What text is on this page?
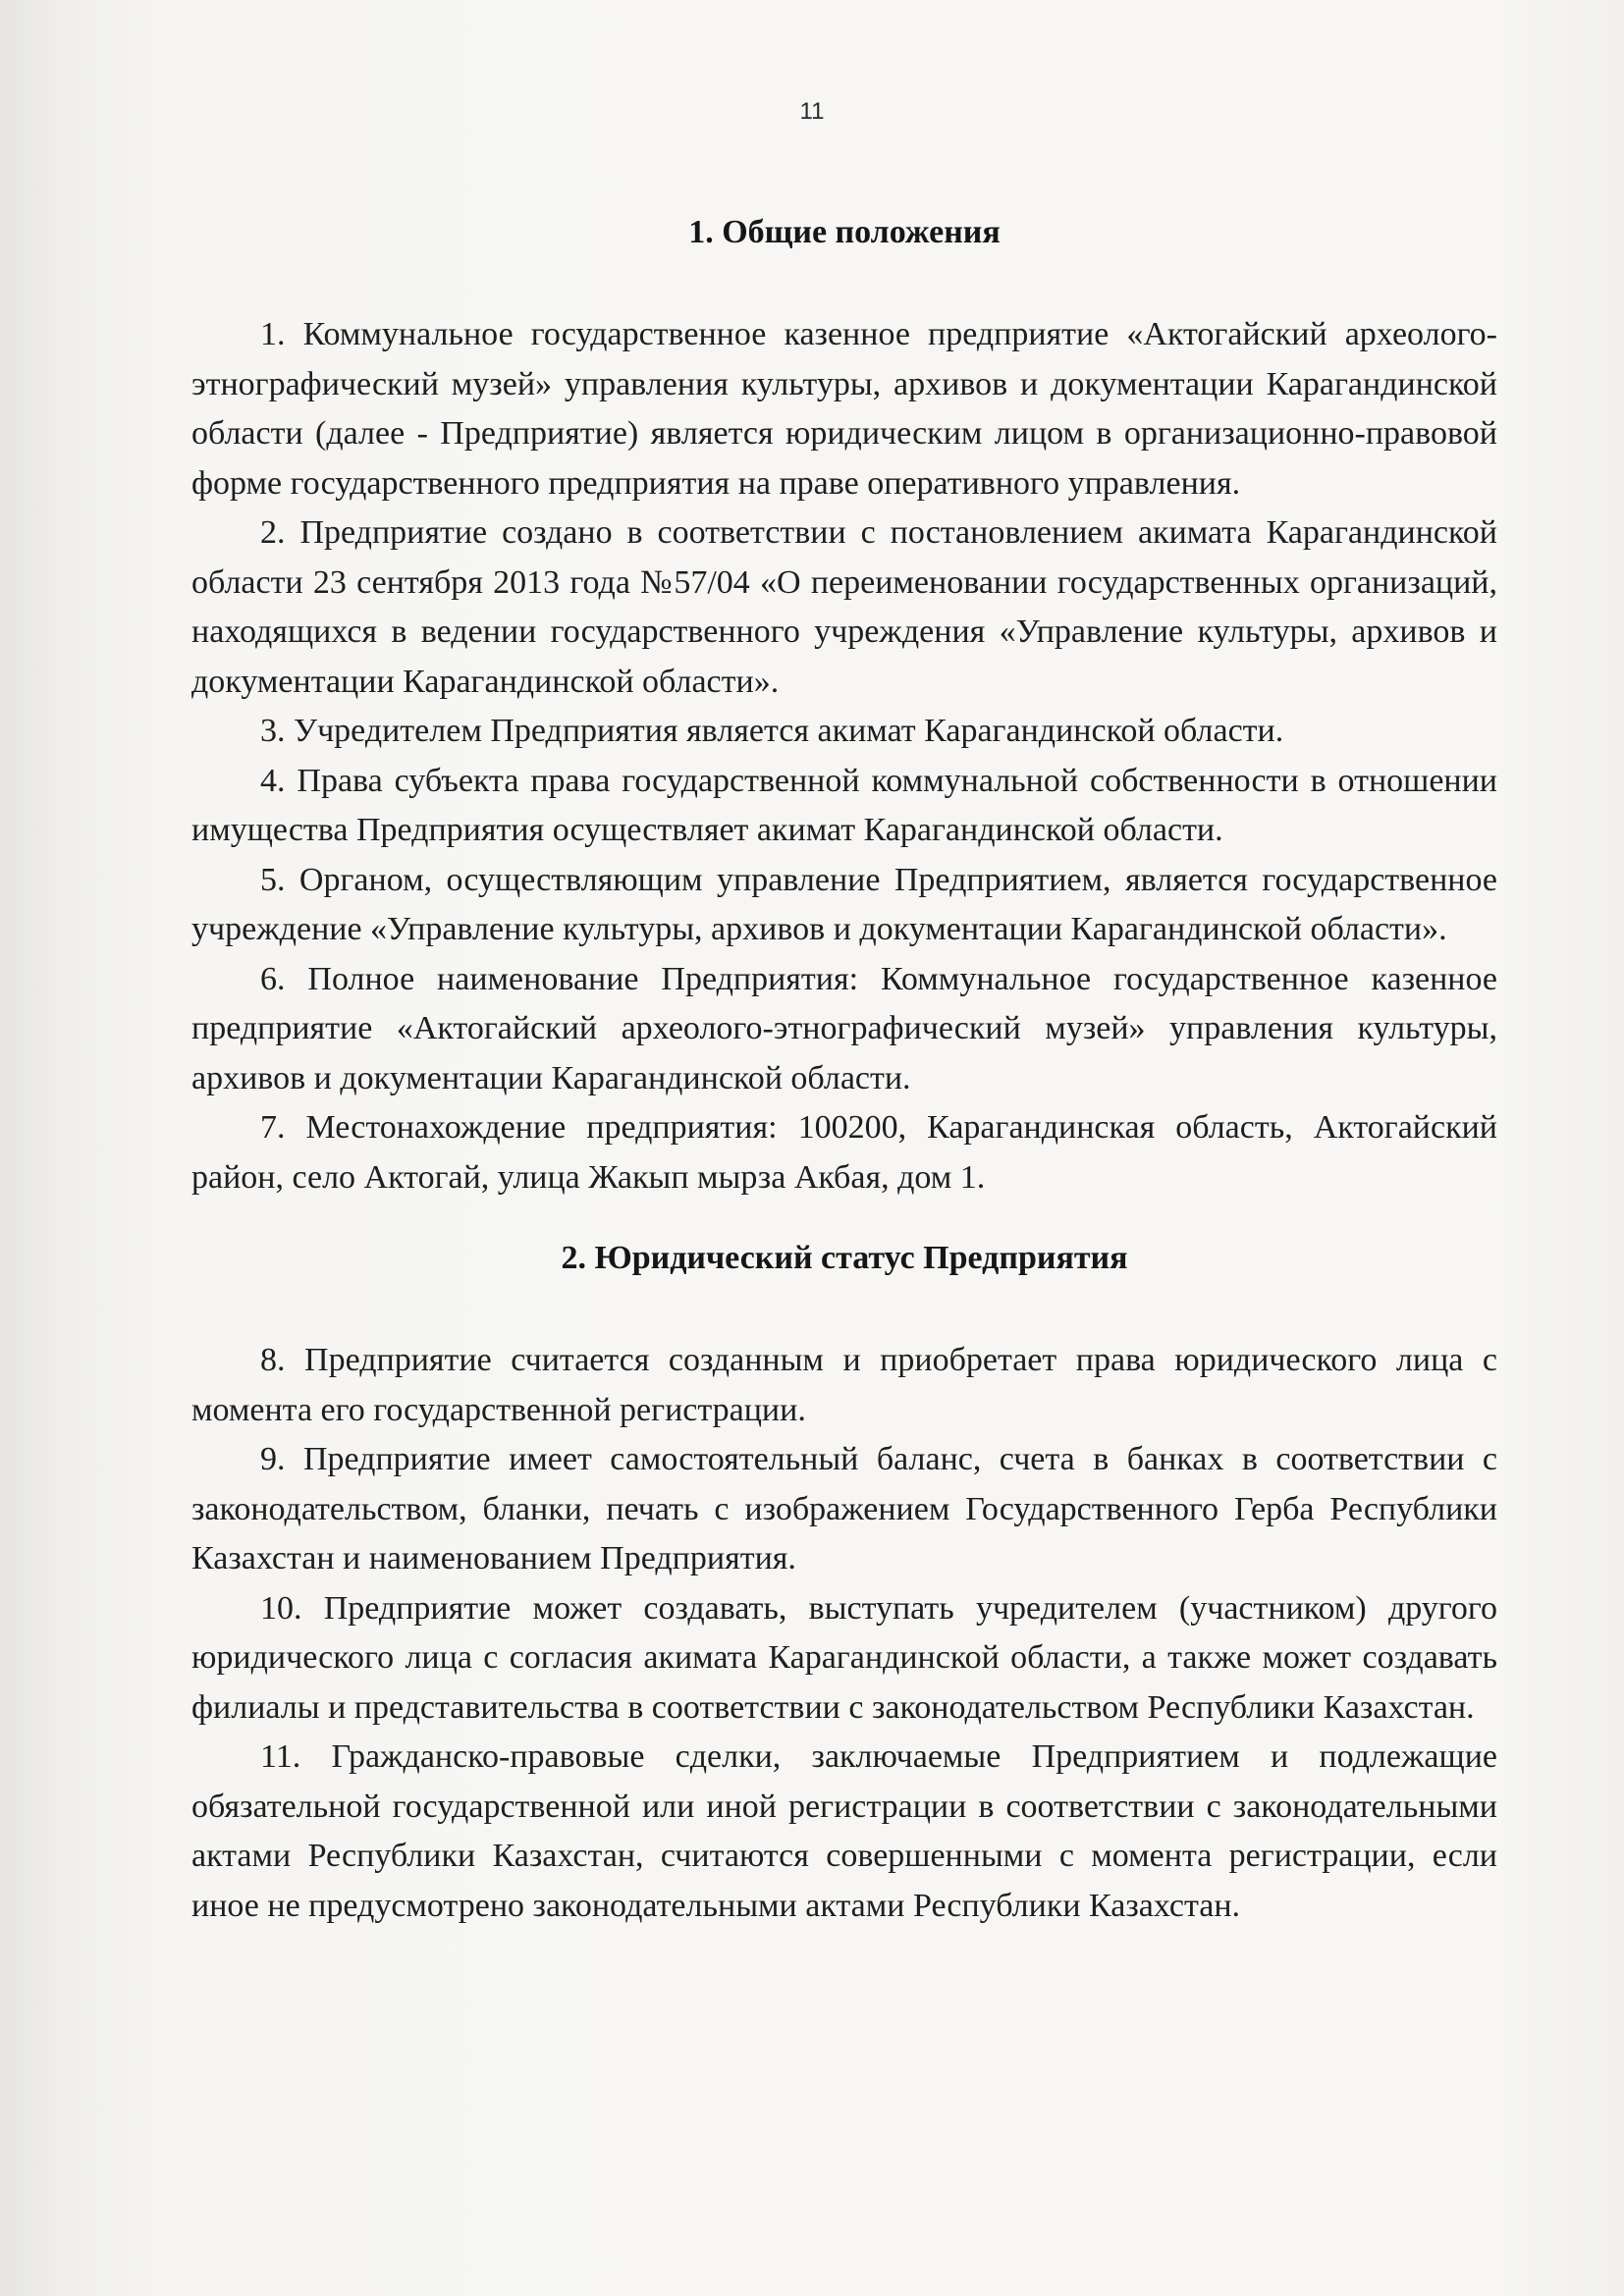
11
1. Общие положения

1. Коммунальное государственное казенное предприятие «Актогайский археолого-этнографический музей» управления культуры, архивов и документации Карагандинской области (далее - Предприятие) является юридическим лицом в организационно-правовой форме государственного предприятия на праве оперативного управления.

2. Предприятие создано в соответствии с постановлением акимата Карагандинской области 23 сентября 2013 года №57/04 «О переименовании государственных организаций, находящихся в ведении государственного учреждения «Управление культуры, архивов и документации Карагандинской области».

3. Учредителем Предприятия является акимат Карагандинской области.

4. Права субъекта права государственной коммунальной собственности в отношении имущества Предприятия осуществляет акимат Карагандинской области.

5. Органом, осуществляющим управление Предприятием, является государственное учреждение «Управление культуры, архивов и документации Карагандинской области».

6. Полное наименование Предприятия: Коммунальное государственное казенное предприятие «Актогайский археолого-этнографический музей» управления культуры, архивов и документации Карагандинской области.

7. Местонахождение предприятия: 100200, Карагандинская область, Актогайский район, село Актогай, улица Жакып мырза Акбая, дом 1.

2. Юридический статус Предприятия

8. Предприятие считается созданным и приобретает права юридического лица с момента его государственной регистрации.

9. Предприятие имеет самостоятельный баланс, счета в банках в соответствии с законодательством, бланки, печать с изображением Государственного Герба Республики Казахстан и наименованием Предприятия.

10. Предприятие может создавать, выступать учредителем (участником) другого юридического лица с согласия акимата Карагандинской области, а также может создавать филиалы и представительства в соответствии с законодательством Республики Казахстан.

11. Гражданско-правовые сделки, заключаемые Предприятием и подлежащие обязательной государственной или иной регистрации в соответствии с законодательными актами Республики Казахстан, считаются совершенными с момента регистрации, если иное не предусмотрено законодательными актами Республики Казахстан.
